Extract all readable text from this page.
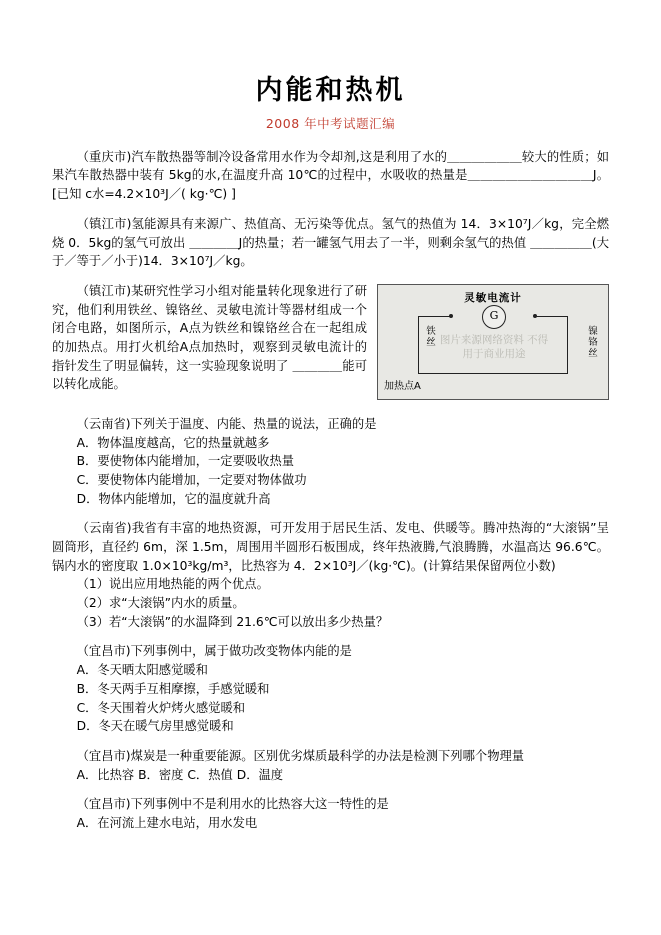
内能和热机
2008 年中考试题汇编
（重庆市)汽车散热器等制冷设备常用水作为令却剂,这是利用了水的＿＿＿＿＿＿较大的性质；如果汽车散热器中装有 5kg的水,在温度升高 10℃的过程中，水吸收的热量是＿＿＿＿＿＿＿＿＿＿J。[已知 c水=4.2×10³J／( kg·℃) ]
（镇江市)氢能源具有来源广、热值高、无污染等优点。氢气的热值为 14．3×10⁷J／kg，完全燃烧 0．5kg的氢气可放出 ＿＿＿＿J的热量；若一罐氢气用去了一半，则剩余氢气的热值 ＿＿＿＿＿(大于／等于／小于)14．3×10⁷J／kg。
灵敏电流计
G
图片来源网络资料 不得用于商业用途
铁丝
镍铬丝
加热点A
（镇江市)某研究性学习小组对能量转化现象进行了研究，他们利用铁丝、镍铬丝、灵敏电流计等器材组成一个闭合电路，如图所示，A点为铁丝和镍铬丝合在一起组成的加热点。用打火机给A点加热时，观察到灵敏电流计的指针发生了明显偏转，这一实验现象说明了 ＿＿＿＿能可以转化成能。
（云南省)下列关于温度、内能、热量的说法，正确的是
A．物体温度越高，它的热量就越多
B．要使物体内能增加，一定要吸收热量
C．要使物体内能增加，一定要对物体做功
D．物体内能增加，它的温度就升高
（云南省)我省有丰富的地热资源，可开发用于居民生活、发电、供暖等。腾冲热海的“大滚锅”呈圆筒形，直径约 6m，深 1.5m，周围用半圆形石板围成，终年热液腾,气浪腾腾，水温高达 96.6℃。锅内水的密度取 1.0×10³kg/m³，比热容为 4．2×10³J／(kg·℃)。(计算结果保留两位小数)
（1）说出应用地热能的两个优点。
（2）求“大滚锅”内水的质量。
（3）若“大滚锅”的水温降到 21.6℃可以放出多少热量？
（宜昌市)下列事例中，属于做功改变物体内能的是
A．冬天晒太阳感觉暖和
B．冬天两手互相摩擦，手感觉暖和
C．冬天围着火炉烤火感觉暖和
D．冬天在暖气房里感觉暖和
（宜昌市)煤炭是一种重要能源。区别优劣煤质最科学的办法是检测下列哪个物理量
A．比热容 B．密度 C．热值 D．温度
（宜昌市)下列事例中不是利用水的比热容大这一特性的是
A．在河流上建水电站，用水发电
